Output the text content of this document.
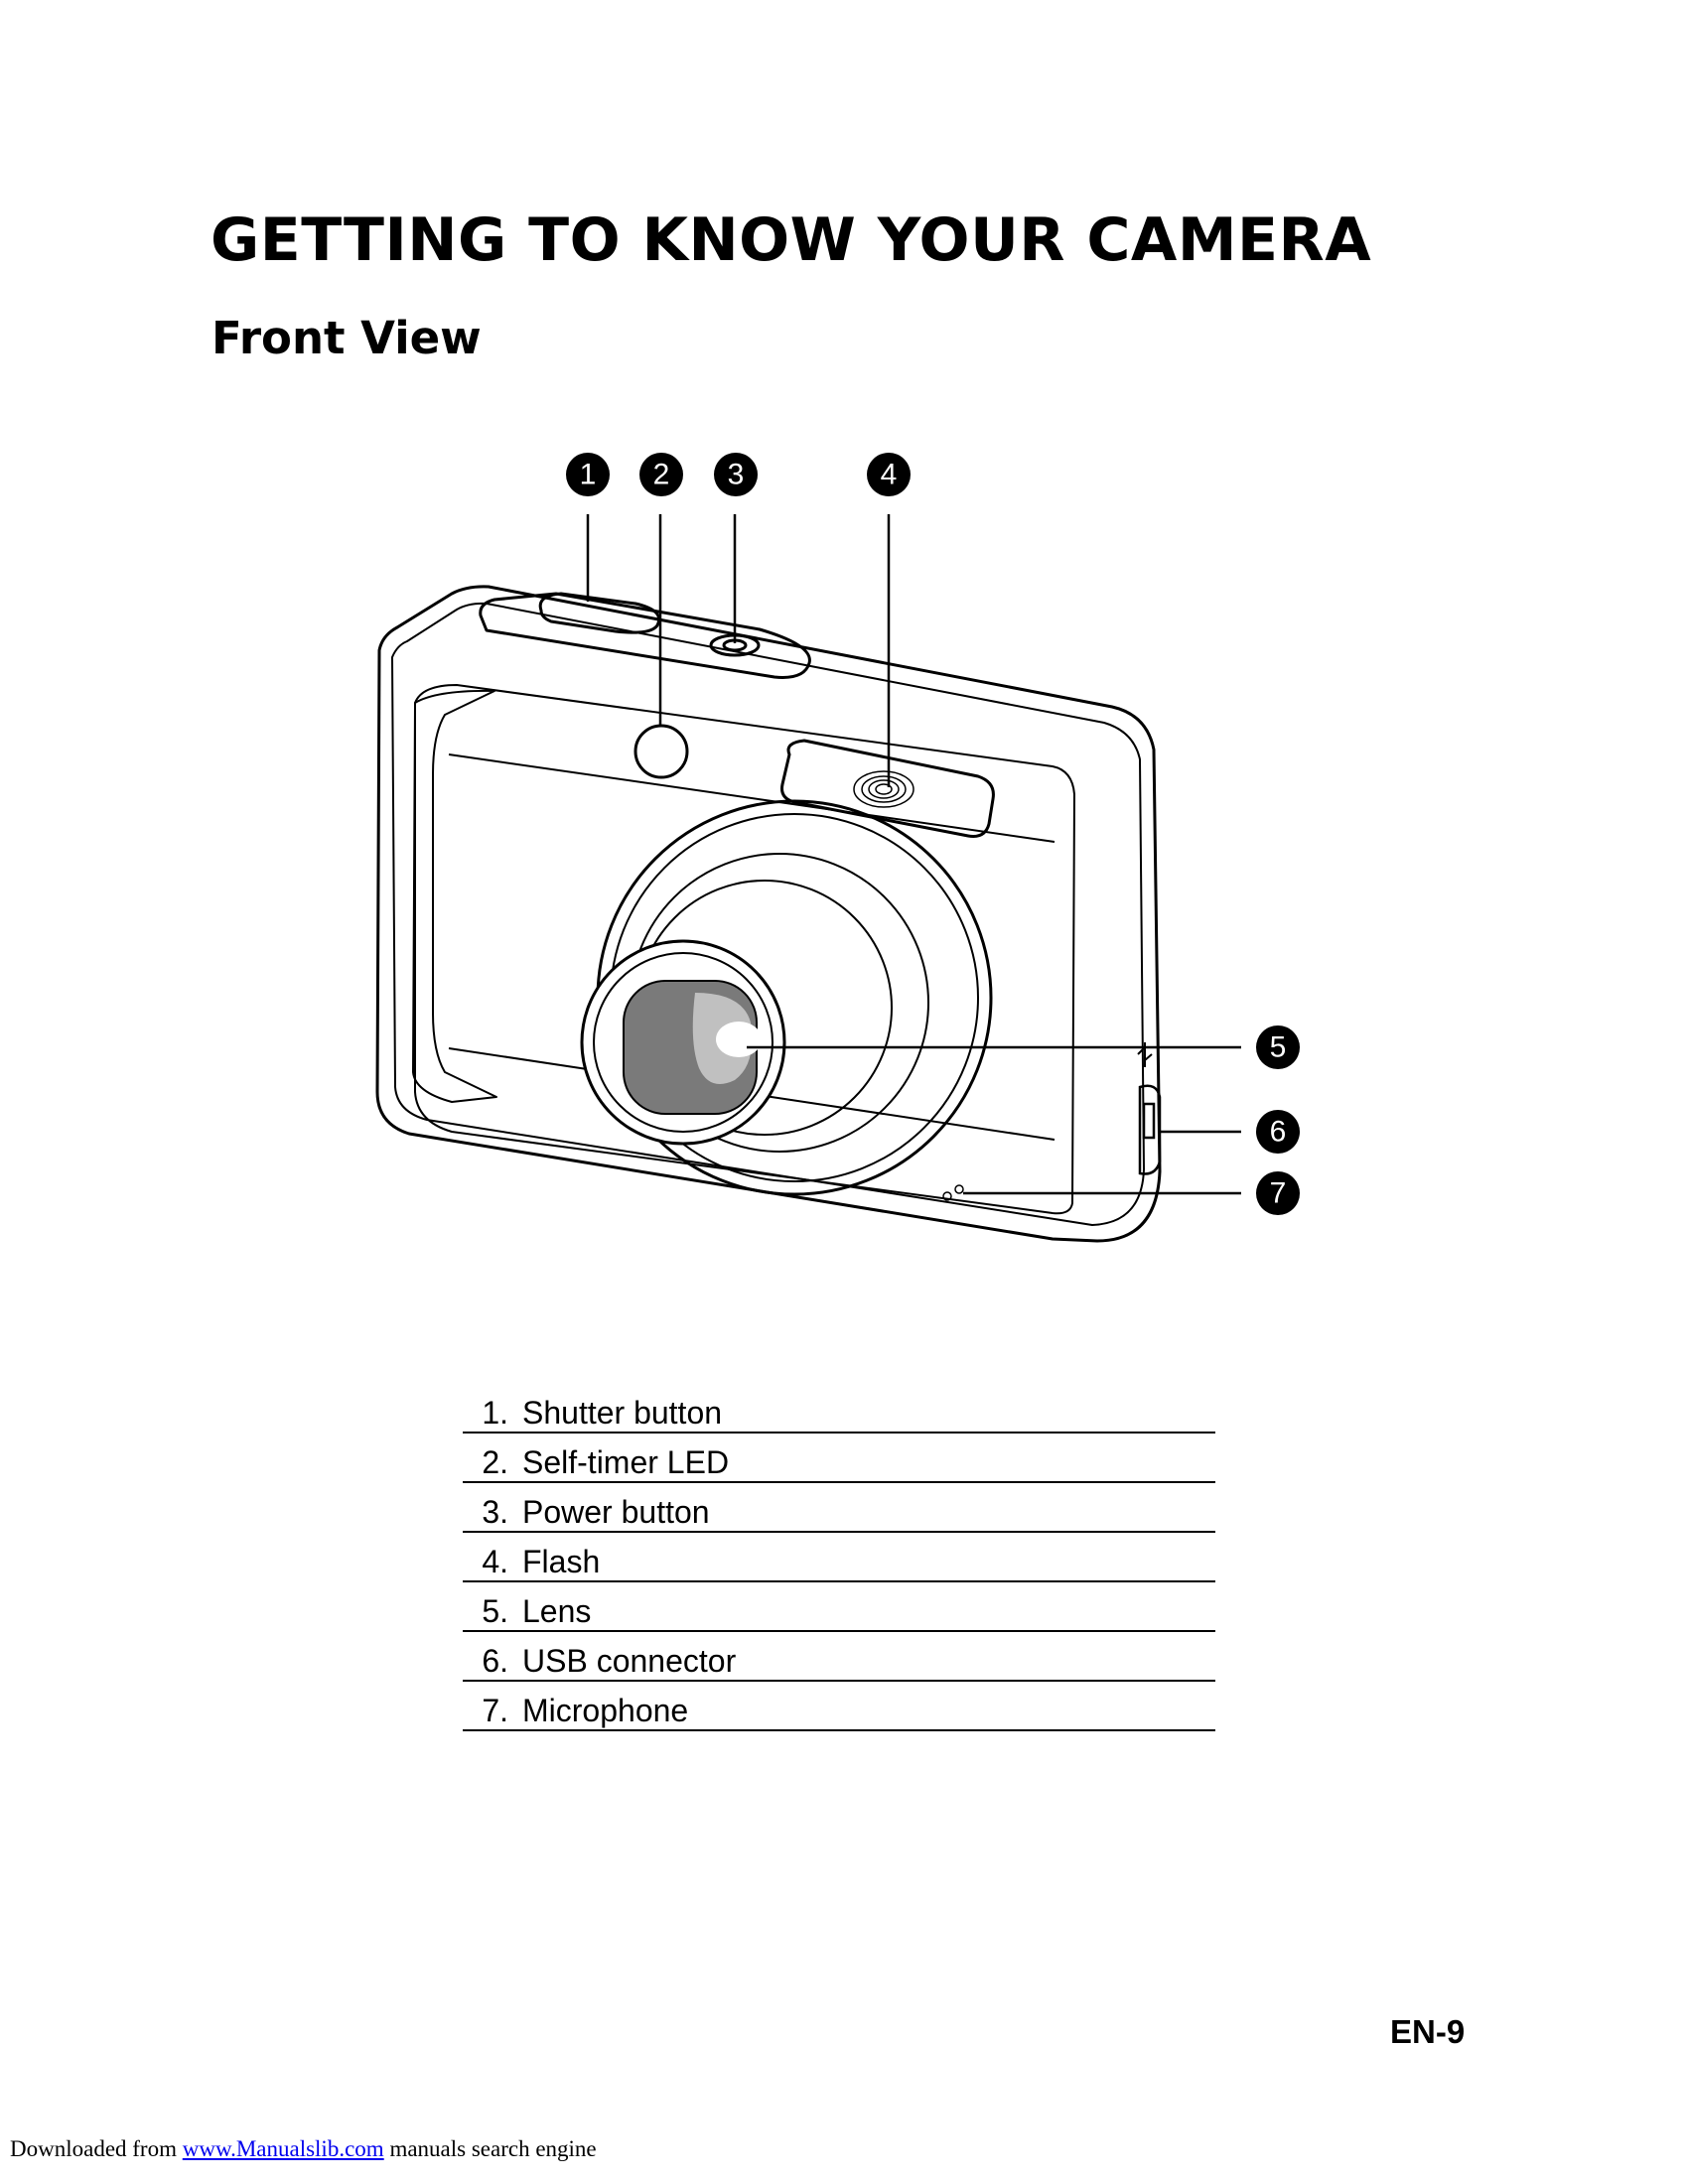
GETTING TO KNOW YOUR CAMERA
Front View
1 2 3	4
5
6
7
1. Shutter button
2. Self-timer LED
3. Power button
4. Flash
5. Lens
6. USB connector
7. Microphone
EN-9
Downloaded from www.Manualslib.com manuals search engine
